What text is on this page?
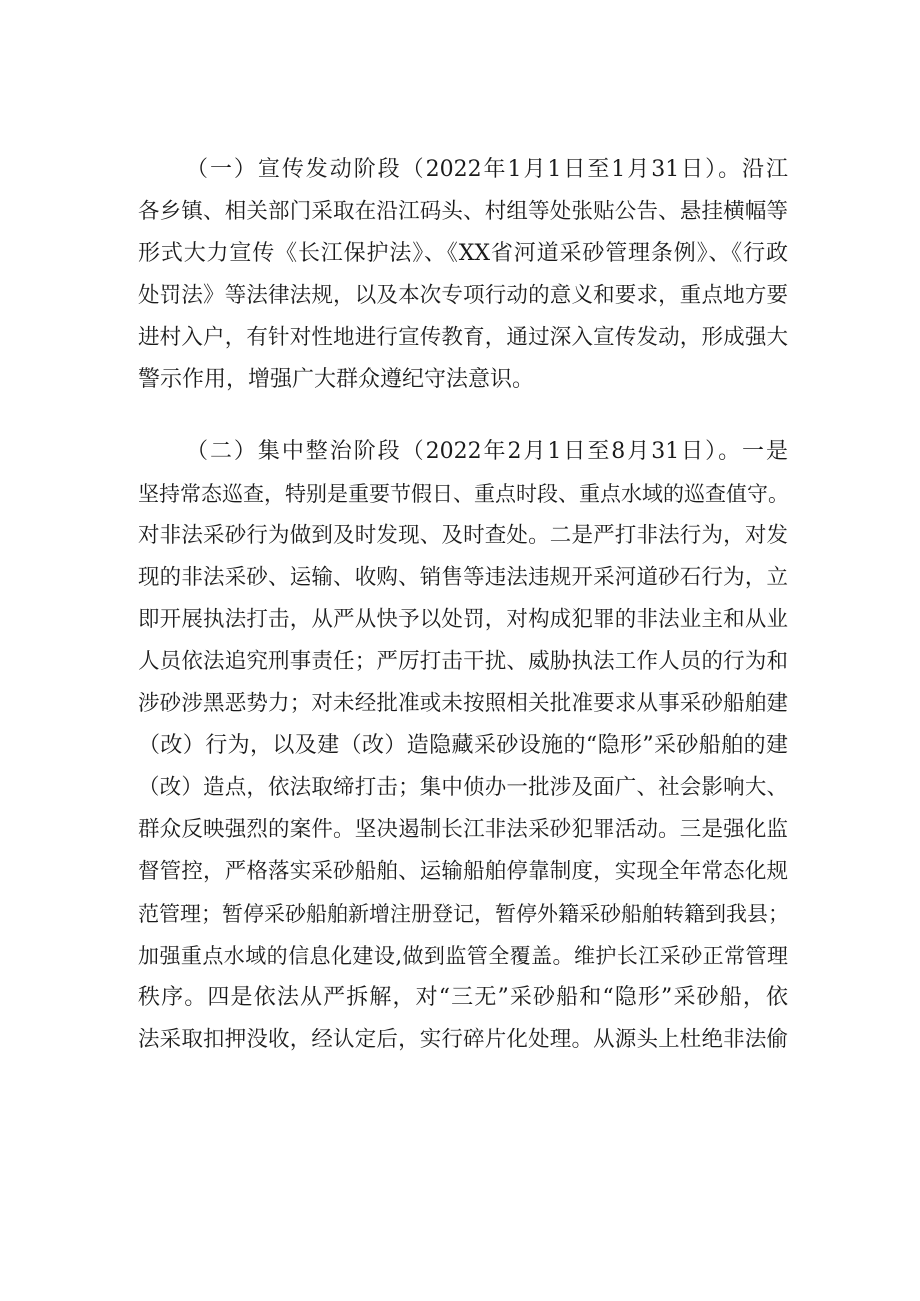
（一）宣传发动阶段（2022年1月1日至1月31日）。沿江
各乡镇、相关部门采取在沿江码头、村组等处张贴公告、悬挂横幅等
形式大力宣传《长江保护法》、《XX省河道采砂管理条例》、《行政
处罚法》等法律法规，以及本次专项行动的意义和要求，重点地方要
进村入户，有针对性地进行宣传教育，通过深入宣传发动，形成强大
警示作用，增强广大群众遵纪守法意识。
（二）集中整治阶段（2022年2月1日至8月31日）。一是
坚持常态巡查，特别是重要节假日、重点时段、重点水域的巡查值守。
对非法采砂行为做到及时发现、及时查处。二是严打非法行为，对发
现的非法采砂、运输、收购、销售等违法违规开采河道砂石行为，立
即开展执法打击，从严从快予以处罚，对构成犯罪的非法业主和从业
人员依法追究刑事责任；严厉打击干扰、威胁执法工作人员的行为和
涉砂涉黑恶势力；对未经批准或未按照相关批准要求从事采砂船舶建
（改）行为，以及建（改）造隐藏采砂设施的“隐形”采砂船舶的建
（改）造点，依法取缔打击；集中侦办一批涉及面广、社会影响大、
群众反映强烈的案件。坚决遏制长江非法采砂犯罪活动。三是强化监
督管控，严格落实采砂船舶、运输船舶停靠制度，实现全年常态化规
范管理；暂停采砂船舶新增注册登记，暂停外籍采砂船舶转籍到我县；
加强重点水域的信息化建设,做到监管全覆盖。维护长江采砂正常管理
秩序。四是依法从严拆解，对“三无”采砂船和“隐形”采砂船，依
法采取扣押没收，经认定后，实行碎片化处理。从源头上杜绝非法偷
